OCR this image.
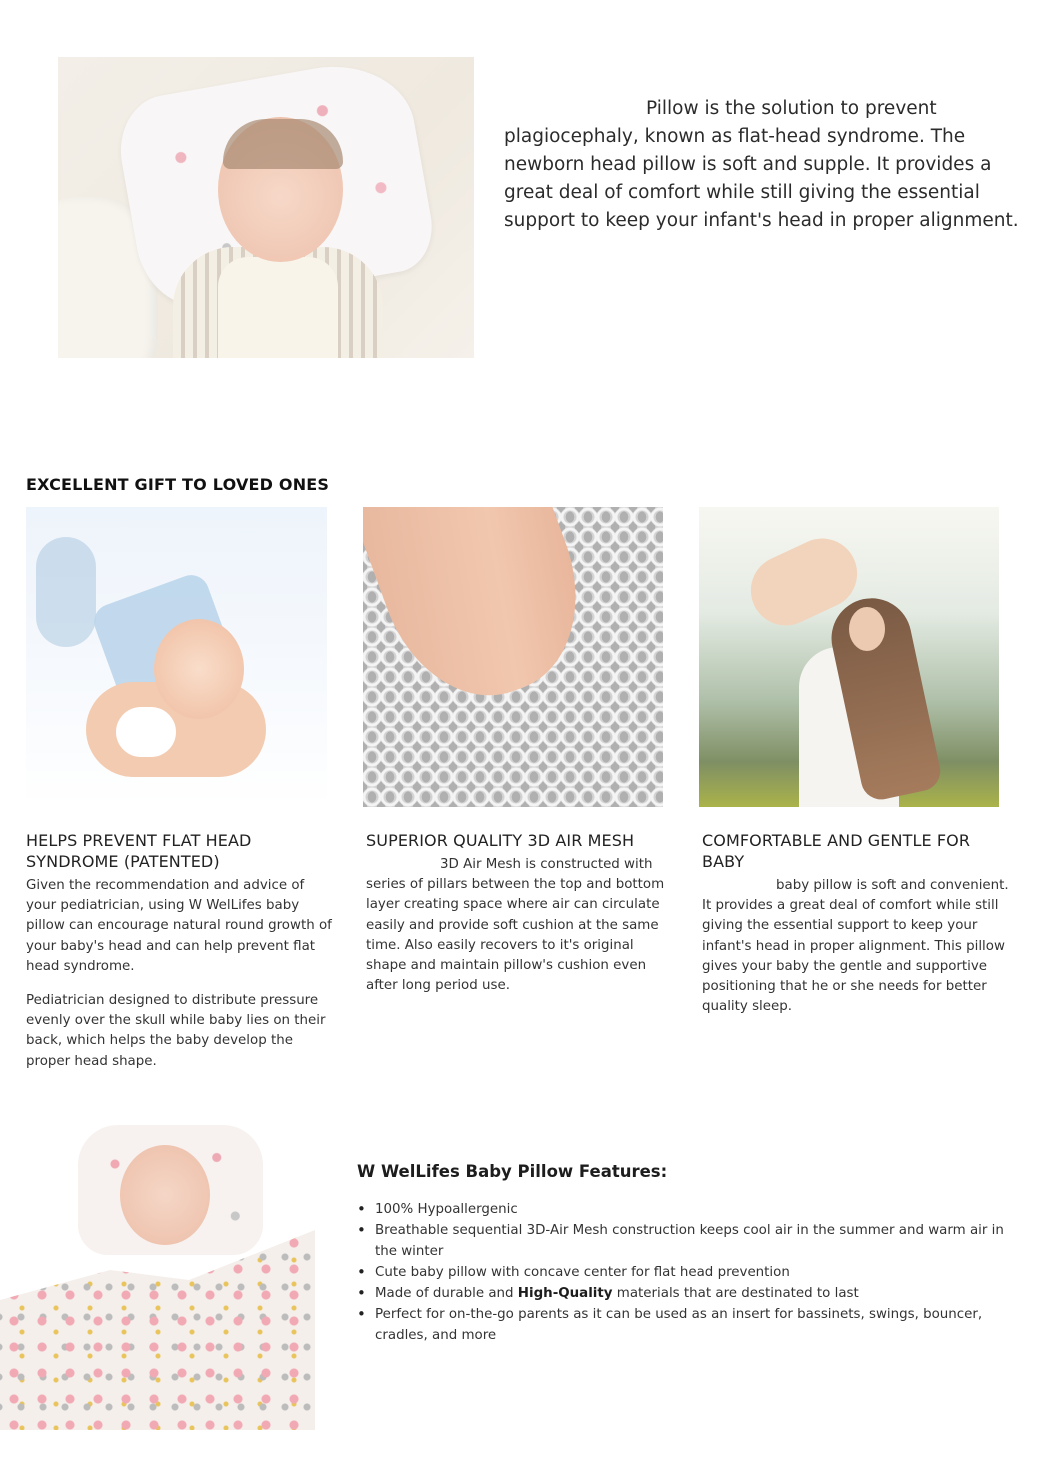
Pillow is the solution to prevent plagiocephaly, known as flat-head syndrome. The newborn head pillow is soft and supple. It provides a great deal of comfort while still giving the essential support to keep your infant's head in proper alignment.

EXCELLENT GIFT TO LOVED ONES
HELPS PREVENT FLAT HEAD SYNDROME (PATENTED)

Given the recommendation and advice of your pediatrician, using W WelLifes baby pillow can encourage natural round growth of your baby's head and can help prevent flat head syndrome.

Pediatrician designed to distribute pressure evenly over the skull while baby lies on their back, which helps the baby develop the proper head shape.

SUPERIOR QUALITY 3D AIR MESH

3D Air Mesh is constructed with series of pillars between the top and bottom layer creating space where air can circulate easily and provide soft cushion at the same time. Also easily recovers to it's original shape and maintain pillow's cushion even after long period use.

COMFORTABLE AND GENTLE FOR BABY

baby pillow is soft and convenient. It provides a great deal of comfort while still giving the essential support to keep your infant's head in proper alignment. This pillow gives your baby the gentle and supportive positioning that he or she needs for better quality sleep.

W WelLifes Baby Pillow Features:
• 100% Hypoallergenic
• Breathable sequential 3D-Air Mesh construction keeps cool air in the summer and warm air in the winter
• Cute baby pillow with concave center for flat head prevention
• Made of durable and High-Quality materials that are destinated to last
• Perfect for on-the-go parents as it can be used as an insert for bassinets, swings, bouncer, cradles, and more
